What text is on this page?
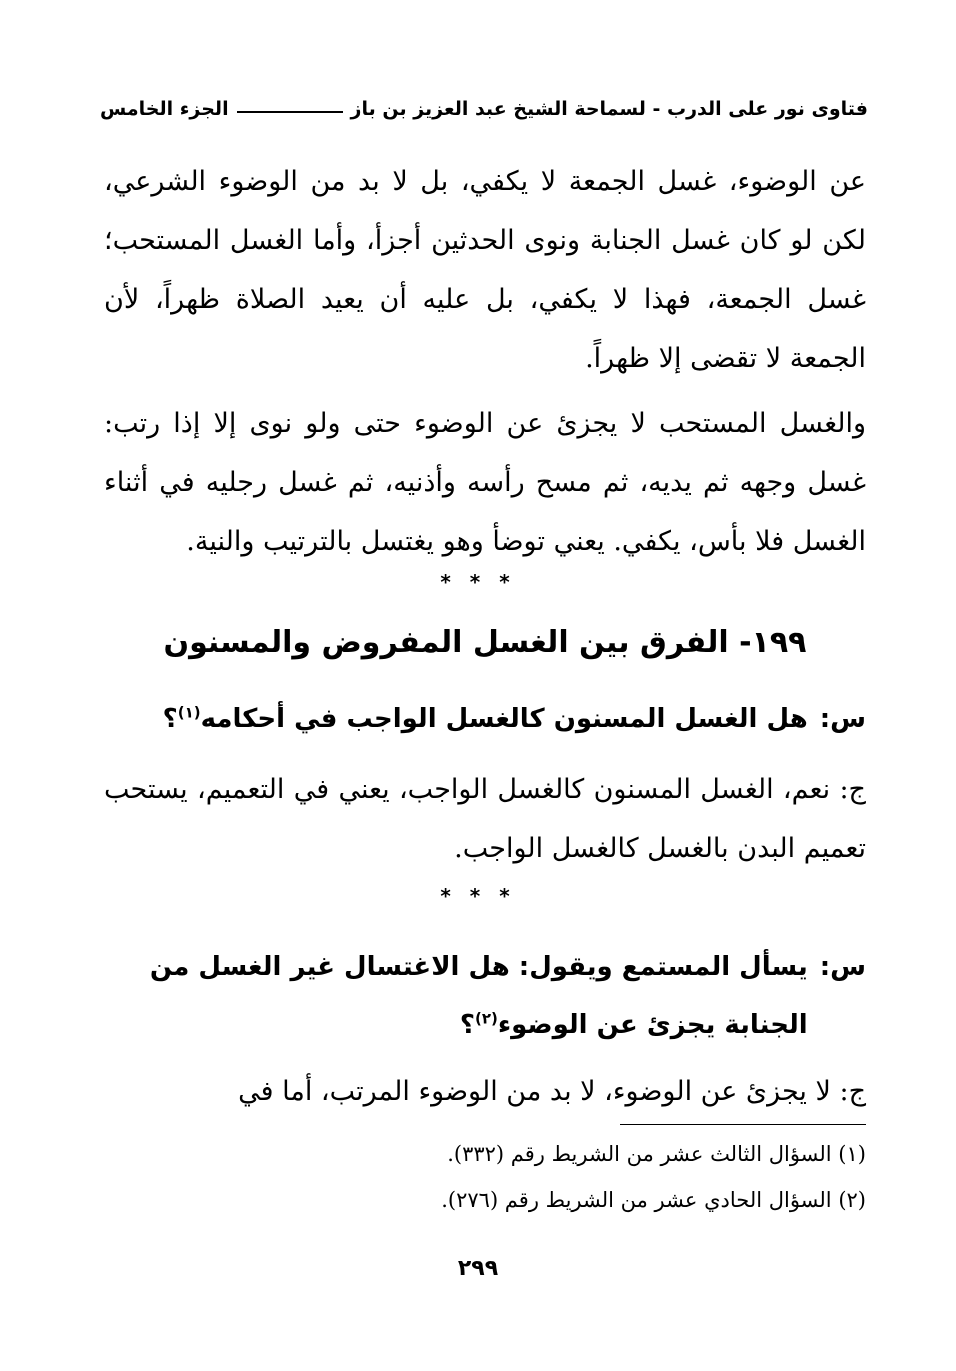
فتاوى نور على الدرب - لسماحة الشيخ عبد العزيز بن باز
الجزء الخامس
عن الوضوء، غسل الجمعة لا يكفي، بل لا بد من الوضوء الشرعي، لكن لو كان غسل الجنابة ونوى الحدثين أجزأ، وأما الغسل المستحب؛ غسل الجمعة، فهذا لا يكفي، بل عليه أن يعيد الصلاة ظهراً، لأن الجمعة لا تقضى إلا ظهراً.
والغسل المستحب لا يجزئ عن الوضوء حتى ولو نوى إلا إذا رتب: غسل وجهه ثم يديه، ثم مسح رأسه وأذنيه، ثم غسل رجليه في أثناء الغسل فلا بأس، يكفي. يعني توضأ وهو يغتسل بالترتيب والنية.
* * *
١٩٩- الفرق بين الغسل المفروض والمسنون
س:
هل الغسل المسنون كالغسل الواجب في أحكامه$^{(١)}$؟
ج: نعم، الغسل المسنون كالغسل الواجب، يعني في التعميم، يستحب تعميم البدن بالغسل كالغسل الواجب.
* * *
س:
يسأل المستمع ويقول: هل الاغتسال غير الغسل من الجنابة يجزئ عن الوضوء$^{(٢)}$؟
ج: لا يجزئ عن الوضوء، لا بد من الوضوء المرتب، أما في
(١) السؤال الثالث عشر من الشريط رقم (٣٣٢).
(٢) السؤال الحادي عشر من الشريط رقم (٢٧٦).
٢٩٩
